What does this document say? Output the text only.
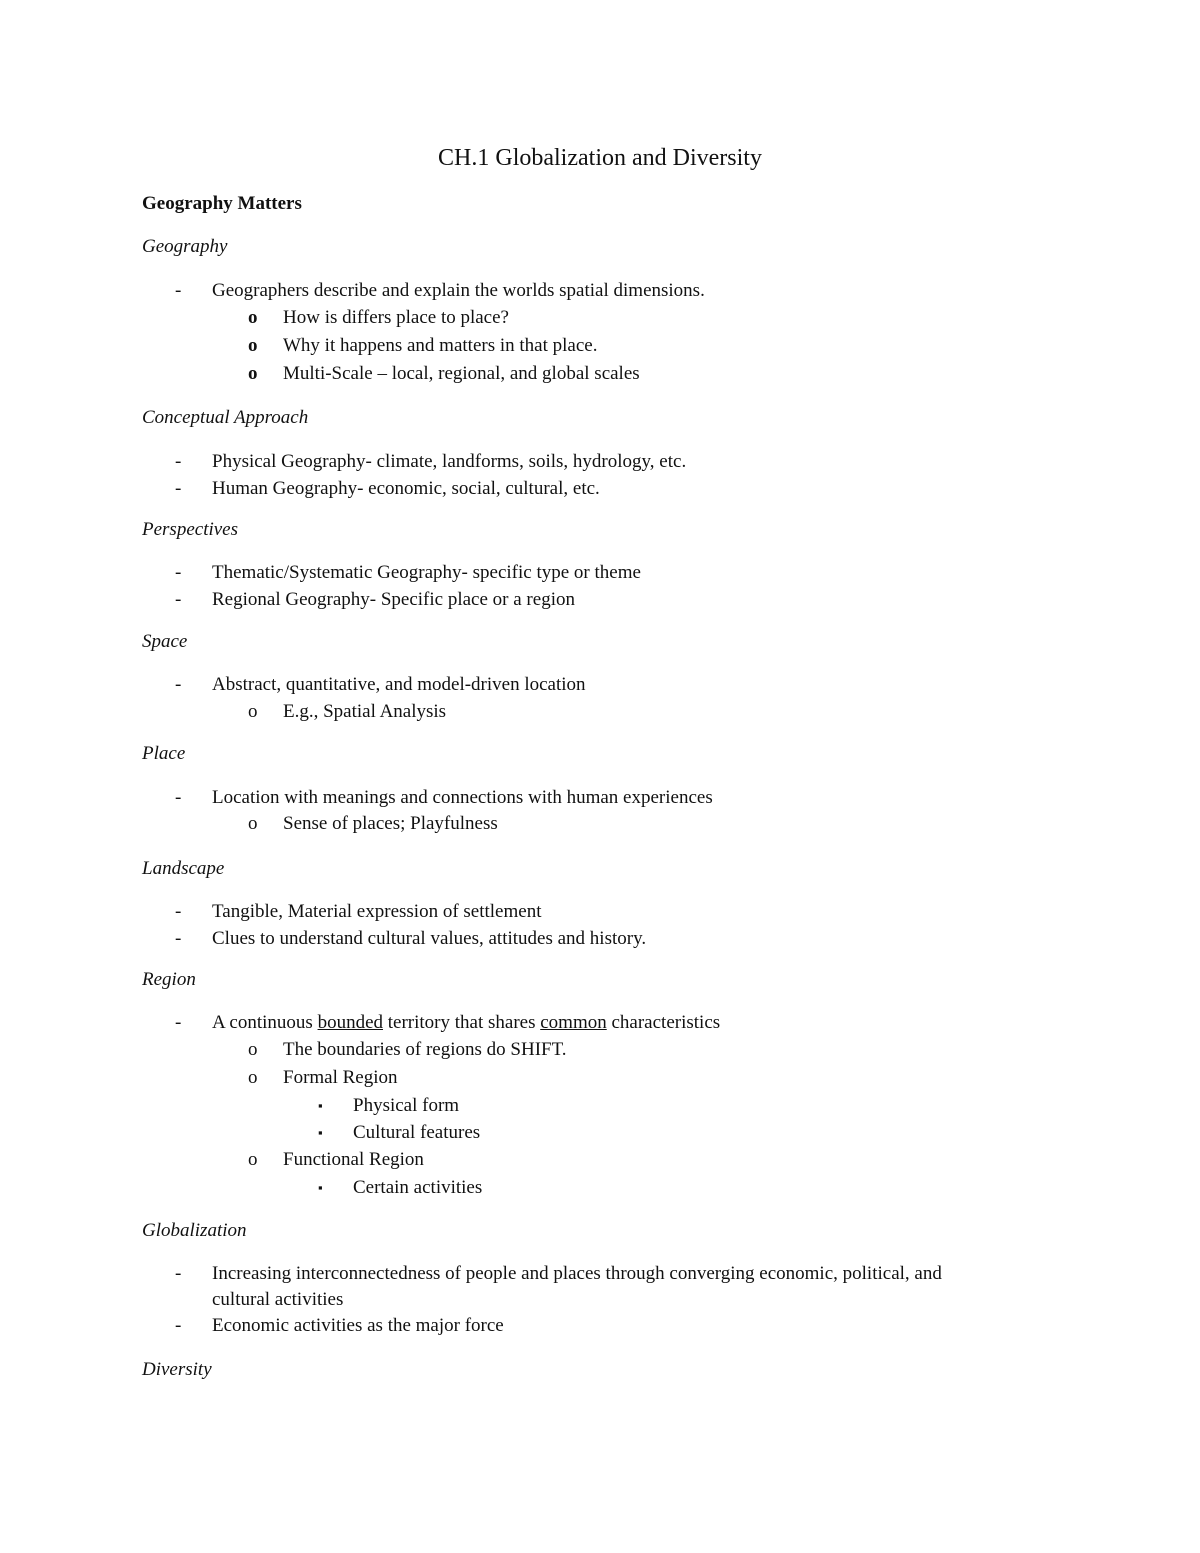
CH.1 Globalization and Diversity
Geography Matters
Geography
- Geographers describe and explain the worlds spatial dimensions.
o How is differs place to place?
o Why it happens and matters in that place.
o Multi-Scale – local, regional, and global scales
Conceptual Approach
- Physical Geography- climate, landforms, soils, hydrology, etc.
- Human Geography- economic, social, cultural, etc.
Perspectives
- Thematic/Systematic Geography- specific type or theme
- Regional Geography- Specific place or a region
Space
- Abstract, quantitative, and model-driven location
o E.g., Spatial Analysis
Place
- Location with meanings and connections with human experiences
o Sense of places; Playfulness
Landscape
- Tangible, Material expression of settlement
- Clues to understand cultural values, attitudes and history.
Region
- A continuous bounded territory that shares common characteristics
o The boundaries of regions do SHIFT.
o Formal Region
▪ Physical form
▪ Cultural features
o Functional Region
▪ Certain activities
Globalization
- Increasing interconnectedness of people and places through converging economic, political, and
cultural activities
- Economic activities as the major force
Diversity
